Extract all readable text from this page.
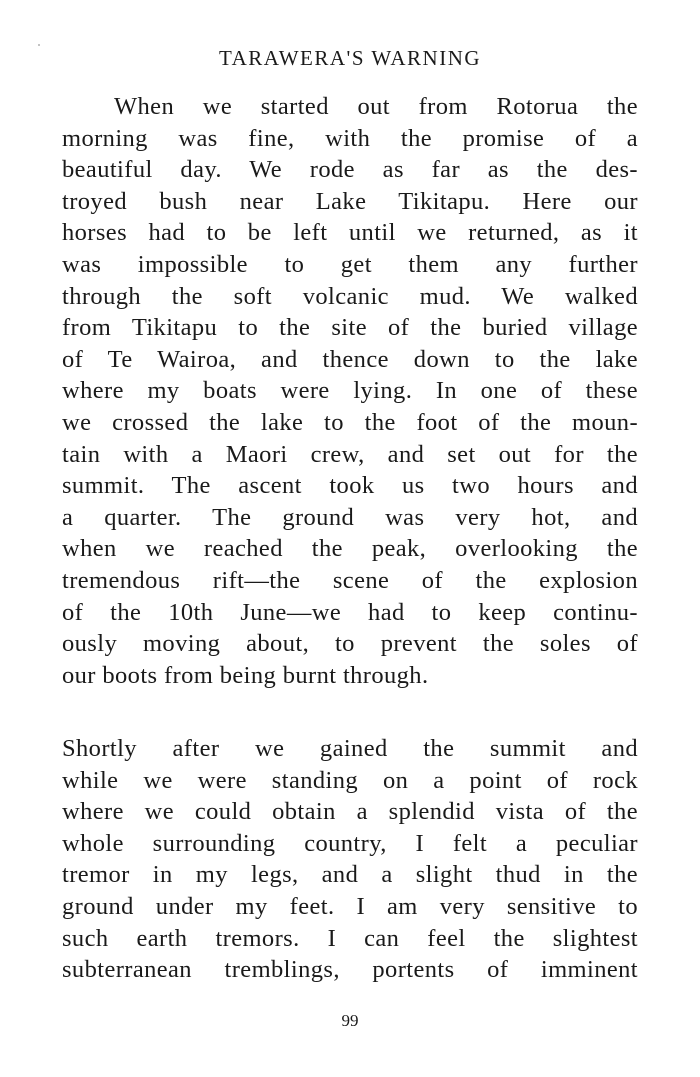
TARAWERA'S WARNING
When we started out from Rotorua the
morning was fine, with the promise of a
beautiful day. We rode as far as the des-
troyed bush near Lake Tikitapu. Here our
horses had to be left until we returned, as it
was impossible to get them any further
through the soft volcanic mud. We walked
from Tikitapu to the site of the buried village
of Te Wairoa, and thence down to the lake
where my boats were lying. In one of these
we crossed the lake to the foot of the moun-
tain with a Maori crew, and set out for the
summit. The ascent took us two hours and
a quarter. The ground was very hot, and
when we reached the peak, overlooking the
tremendous rift—the scene of the explosion
of the 10th June—we had to keep continu-
ously moving about, to prevent the soles of
our boots from being burnt through.
Shortly after we gained the summit and
while we were standing on a point of rock
where we could obtain a splendid vista of the
whole surrounding country, I felt a peculiar
tremor in my legs, and a slight thud in the
ground under my feet. I am very sensitive to
such earth tremors. I can feel the slightest
subterranean tremblings, portents of imminent
99
